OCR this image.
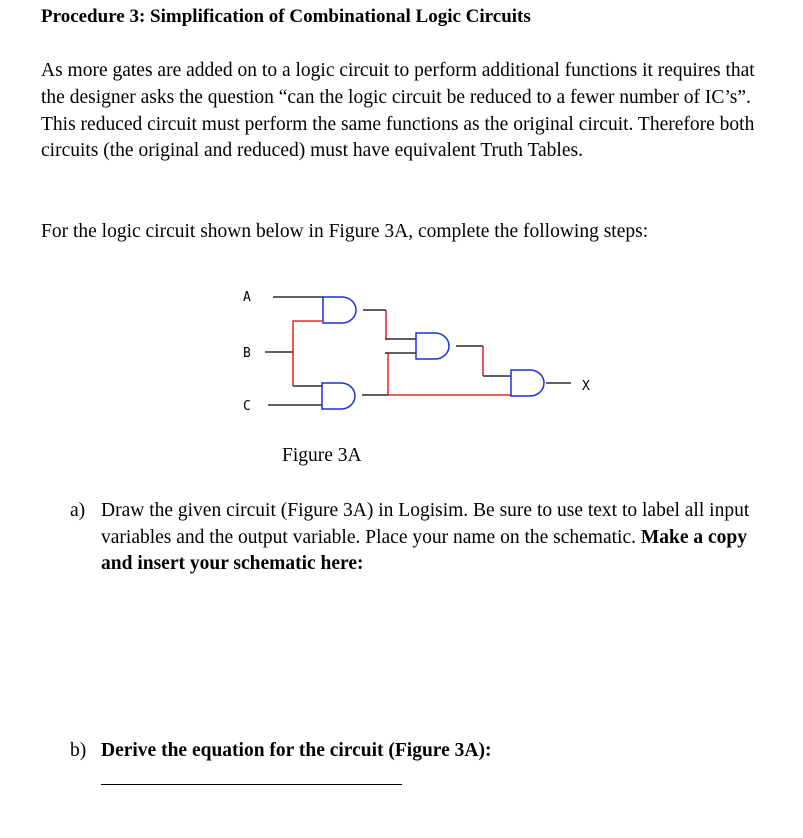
Procedure 3: Simplification of Combinational Logic Circuits
As more gates are added on to a logic circuit to perform additional functions it requires that the designer asks the question “can the logic circuit be reduced to a fewer number of IC’s”. This reduced circuit must perform the same functions as the original circuit. Therefore both circuits (the original and reduced) must have equivalent Truth Tables.
For the logic circuit shown below in Figure 3A, complete the following steps:
A
B
C
X
Figure 3A
a) Draw the given circuit (Figure 3A) in Logisim. Be sure to use text to label all input variables and the output variable. Place your name on the schematic. Make a copy and insert your schematic here:
b) Derive the equation for the circuit (Figure 3A):
